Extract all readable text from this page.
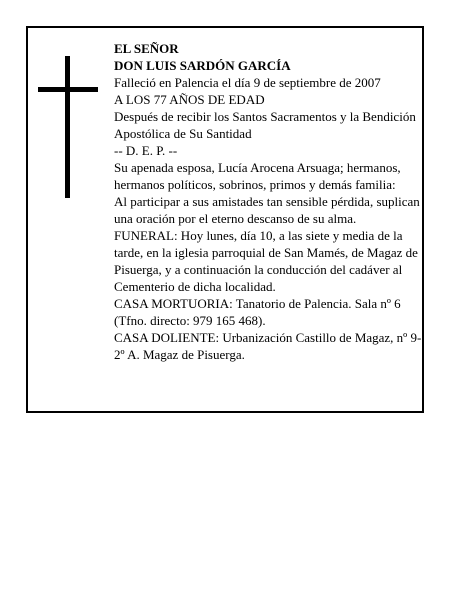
EL SEÑOR

DON LUIS SARDÓN GARCÍA

Falleció en Palencia el día 9 de septiembre de 2007

A LOS 77 AÑOS DE EDAD

Después de recibir los Santos Sacramentos y la Bendición Apostólica de Su Santidad

-- D. E. P. --

Su apenada esposa, Lucía Arocena Arsuaga; hermanos, hermanos políticos, sobrinos, primos y demás familia:

Al participar a sus amistades tan sensible pérdida, suplican una oración por el eterno descanso de su alma.

FUNERAL: Hoy lunes, día 10, a las siete y media de la tarde, en la iglesia parroquial de San Mamés, de Magaz de Pisuerga, y a continuación la conducción del cadáver al Cementerio de dicha localidad.

CASA MORTUORIA: Tanatorio de Palencia. Sala nº 6 (Tfno. directo: 979 165 468).

CASA DOLIENTE: Urbanización Castillo de Magaz, nº 9-2º A. Magaz de Pisuerga.
